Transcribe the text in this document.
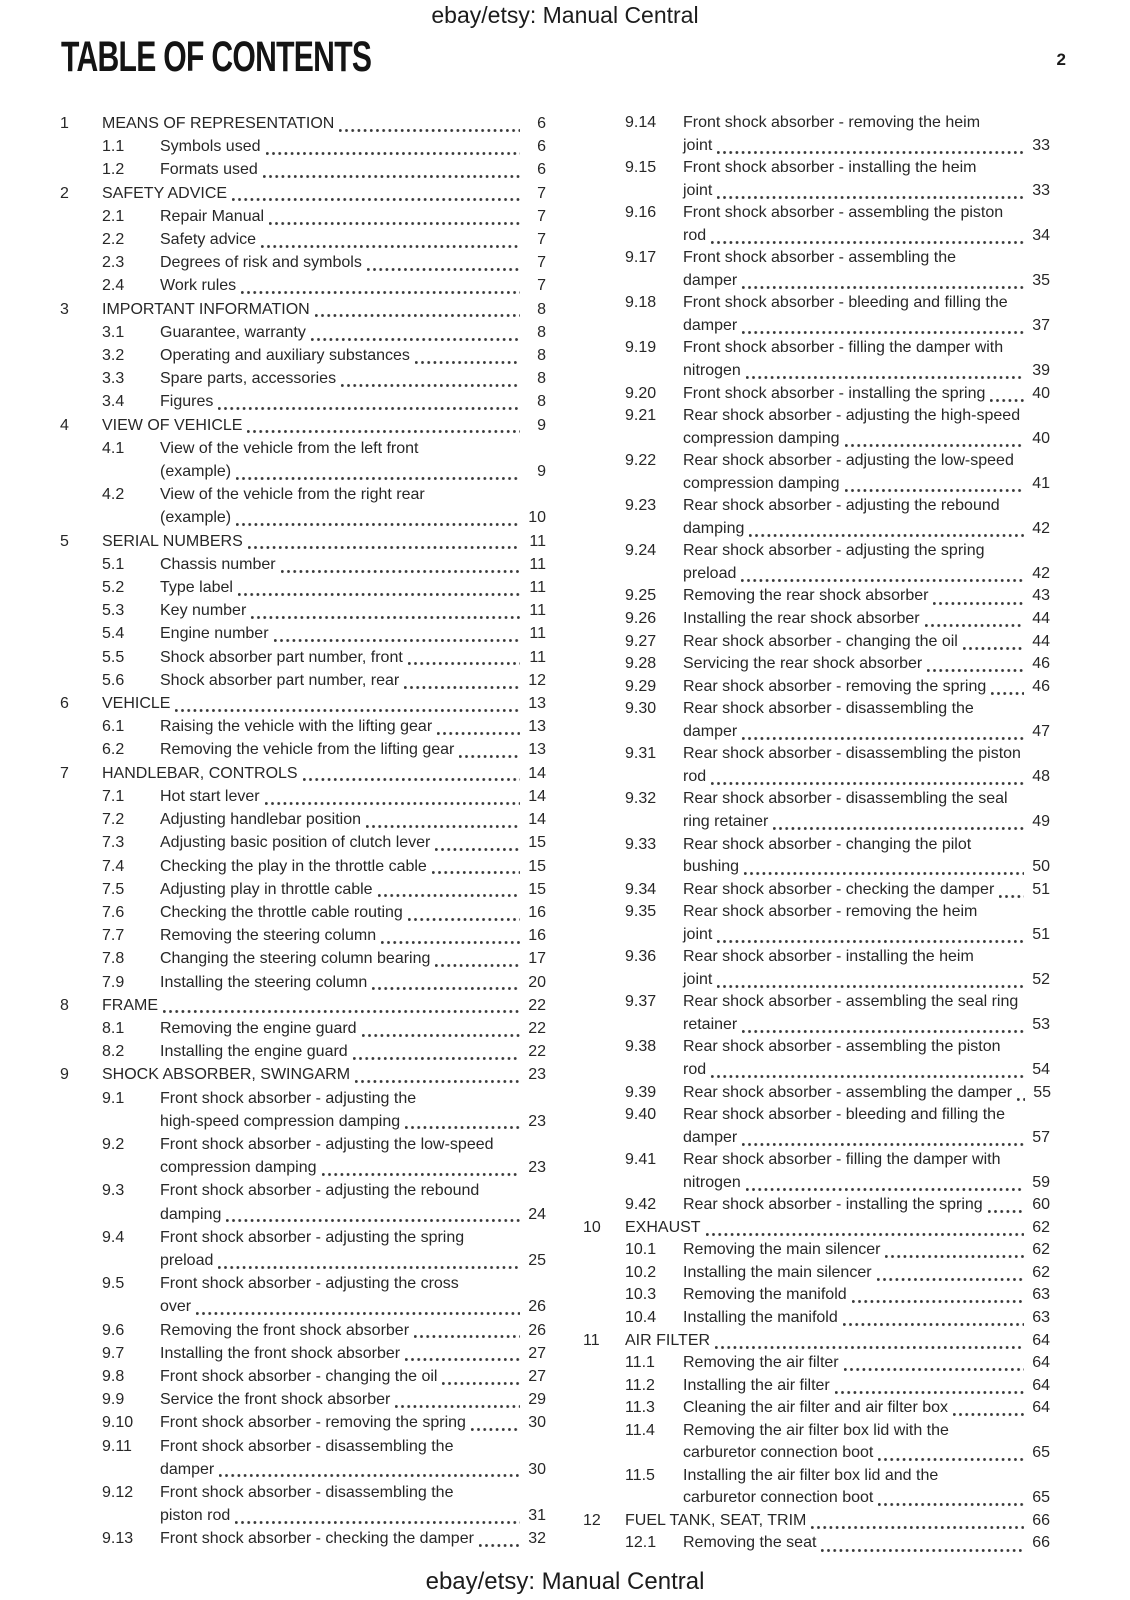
ebay/etsy: Manual Central
TABLE OF CONTENTS	2
1	MEANS OF REPRESENTATION	6
1.1	Symbols used	6
1.2	Formats used	6
2	SAFETY ADVICE	7
2.1	Repair Manual	7
2.2	Safety advice	7
2.3	Degrees of risk and symbols	7
2.4	Work rules	7
3	IMPORTANT INFORMATION	8
3.1	Guarantee, warranty	8
3.2	Operating and auxiliary substances	8
3.3	Spare parts, accessories	8
3.4	Figures	8
4	VIEW OF VEHICLE	9
4.1	View of the vehicle from the left front
(example)	9
4.2	View of the vehicle from the right rear
(example)	10
5	SERIAL NUMBERS	11
5.1	Chassis number	11
5.2	Type label	11
5.3	Key number	11
5.4	Engine number	11
5.5	Shock absorber part number, front	11
5.6	Shock absorber part number, rear	12
6	VEHICLE	13
6.1	Raising the vehicle with the lifting gear	13
6.2	Removing the vehicle from the lifting gear	13
7	HANDLEBAR, CONTROLS	14
7.1	Hot start lever	14
7.2	Adjusting handlebar position	14
7.3	Adjusting basic position of clutch lever	15
7.4	Checking the play in the throttle cable	15
7.5	Adjusting play in throttle cable	15
7.6	Checking the throttle cable routing	16
7.7	Removing the steering column	16
7.8	Changing the steering column bearing	17
7.9	Installing the steering column	20
8	FRAME	22
8.1	Removing the engine guard	22
8.2	Installing the engine guard	22
9	SHOCK ABSORBER, SWINGARM	23
9.1	Front shock absorber - adjusting the
high-speed compression damping	23
9.2	Front shock absorber - adjusting the low-speed
compression damping	23
9.3	Front shock absorber - adjusting the rebound
damping	24
9.4	Front shock absorber - adjusting the spring
preload	25
9.5	Front shock absorber - adjusting the cross
over	26
9.6	Removing the front shock absorber	26
9.7	Installing the front shock absorber	27
9.8	Front shock absorber - changing the oil	27
9.9	Service the front shock absorber	29
9.10	Front shock absorber - removing the spring	30
9.11	Front shock absorber - disassembling the
damper	30
9.12	Front shock absorber - disassembling the
piston rod	31
9.13	Front shock absorber - checking the damper	32
9.14	Front shock absorber - removing the heim
joint	33
9.15	Front shock absorber - installing the heim
joint	33
9.16	Front shock absorber - assembling the piston
rod	34
9.17	Front shock absorber - assembling the
damper	35
9.18	Front shock absorber - bleeding and filling the
damper	37
9.19	Front shock absorber - filling the damper with
nitrogen	39
9.20	Front shock absorber - installing the spring	40
9.21	Rear shock absorber - adjusting the high-speed
compression damping	40
9.22	Rear shock absorber - adjusting the low-speed
compression damping	41
9.23	Rear shock absorber - adjusting the rebound
damping	42
9.24	Rear shock absorber - adjusting the spring
preload	42
9.25	Removing the rear shock absorber	43
9.26	Installing the rear shock absorber	44
9.27	Rear shock absorber - changing the oil	44
9.28	Servicing the rear shock absorber	46
9.29	Rear shock absorber - removing the spring	46
9.30	Rear shock absorber - disassembling the
damper	47
9.31	Rear shock absorber - disassembling the piston
rod	48
9.32	Rear shock absorber - disassembling the seal
ring retainer	49
9.33	Rear shock absorber - changing the pilot
bushing	50
9.34	Rear shock absorber - checking the damper 51
9.35	Rear shock absorber - removing the heim
joint	51
9.36	Rear shock absorber - installing the heim
joint	52
9.37	Rear shock absorber - assembling the seal ring
retainer	53
9.38	Rear shock absorber - assembling the piston
rod	54
9.39	Rear shock absorber - assembling the damper 55
9.40	Rear shock absorber - bleeding and filling the
damper	57
9.41	Rear shock absorber - filling the damper with
nitrogen	59
9.42	Rear shock absorber - installing the spring	60
10	EXHAUST	62
10.1	Removing the main silencer	62
10.2	Installing the main silencer	62
10.3	Removing the manifold	63
10.4	Installing the manifold	63
11	AIR FILTER	64
11.1	Removing the air filter	64
11.2	Installing the air filter	64
11.3	Cleaning the air filter and air filter box	64
11.4	Removing the air filter box lid with the
carburetor connection boot	65
11.5	Installing the air filter box lid and the
carburetor connection boot	65
12	FUEL TANK, SEAT, TRIM	66
12.1	Removing the seat	66
ebay/etsy: Manual Central
